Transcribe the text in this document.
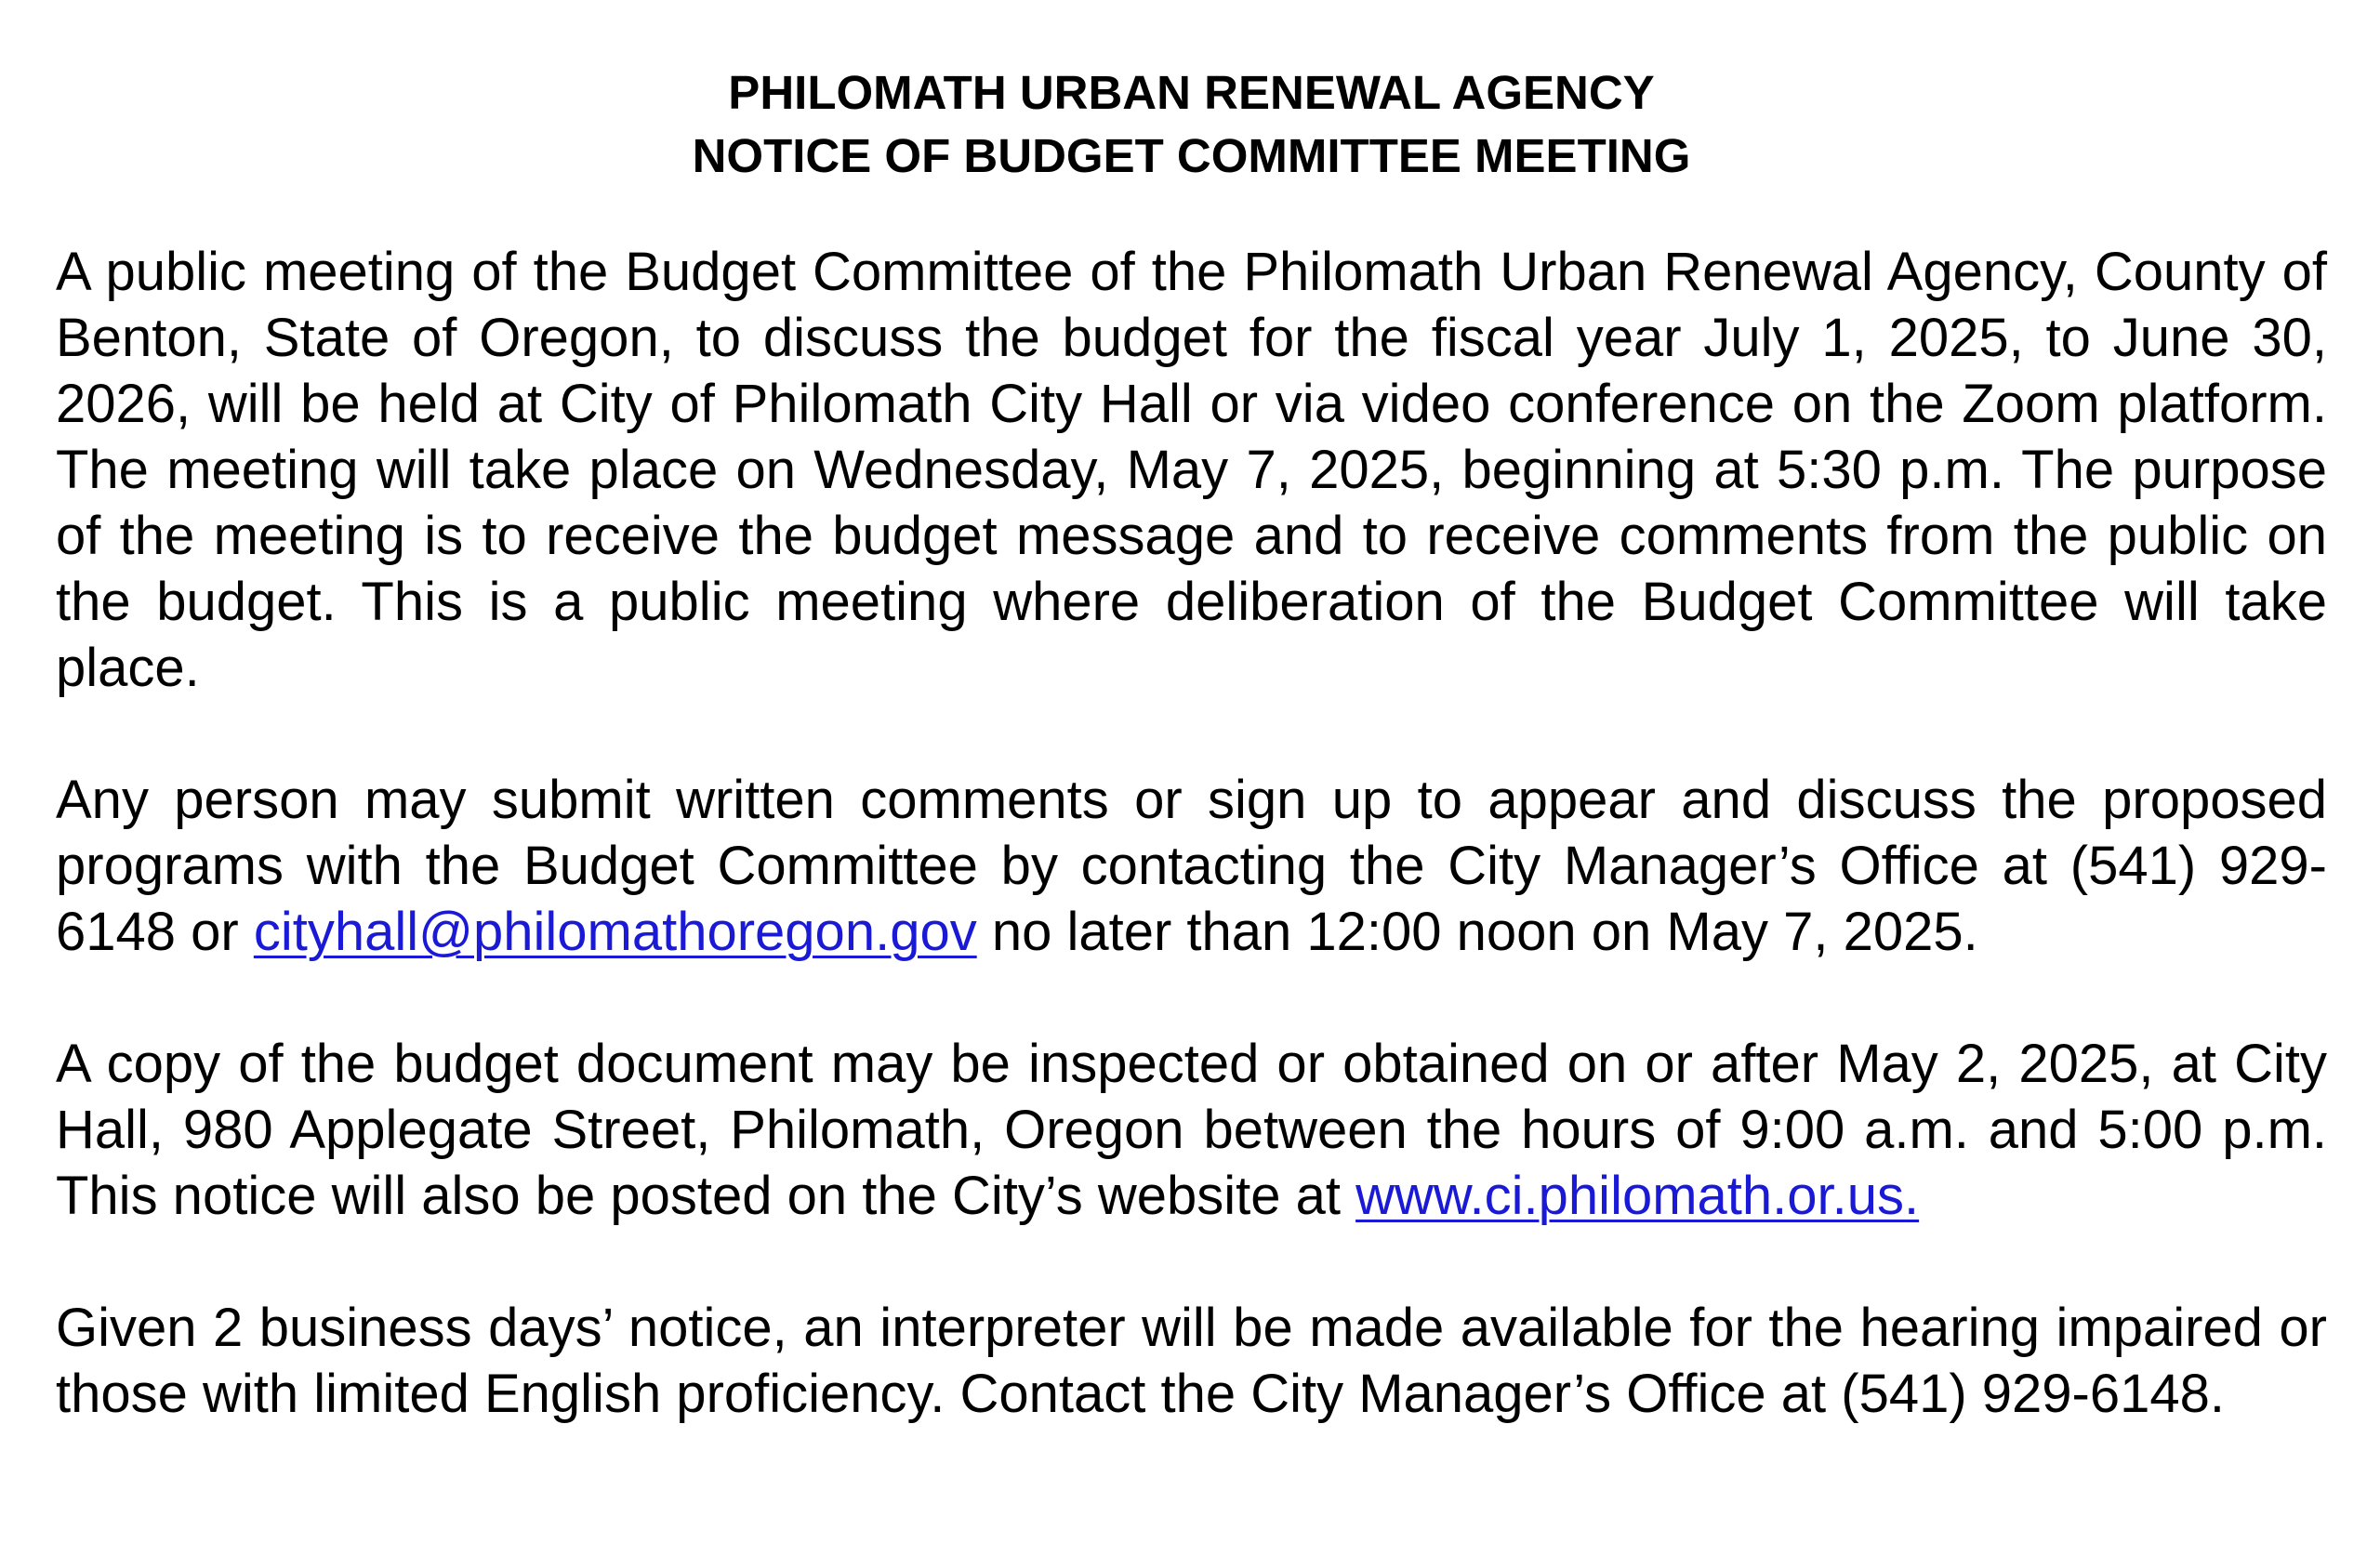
PHILOMATH URBAN RENEWAL AGENCY

NOTICE OF BUDGET COMMITTEE MEETING

A public meeting of the Budget Committee of the Philomath Urban Renewal Agency, County of Benton, State of Oregon, to discuss the budget for the fiscal year July 1, 2025, to June 30, 2026, will be held at City of Philomath City Hall or via video conference on the Zoom platform. The meeting will take place on Wednesday, May 7, 2025, beginning at 5:30 p.m. The purpose of the meeting is to receive the budget message and to receive comments from the public on the budget. This is a public meeting where deliberation of the Budget Committee will take place.

Any person may submit written comments or sign up to appear and discuss the proposed programs with the Budget Committee by contacting the City Manager’s Office at (541) 929-6148 or cityhall@philomathoregon.gov no later than 12:00 noon on May 7, 2025.

A copy of the budget document may be inspected or obtained on or after May 2, 2025, at City Hall, 980 Applegate Street, Philomath, Oregon between the hours of 9:00 a.m. and 5:00 p.m. This notice will also be posted on the City’s website at www.ci.philomath.or.us.

Given 2 business days’ notice, an interpreter will be made available for the hearing impaired or those with limited English proficiency. Contact the City Manager’s Office at (541) 929-6148.
